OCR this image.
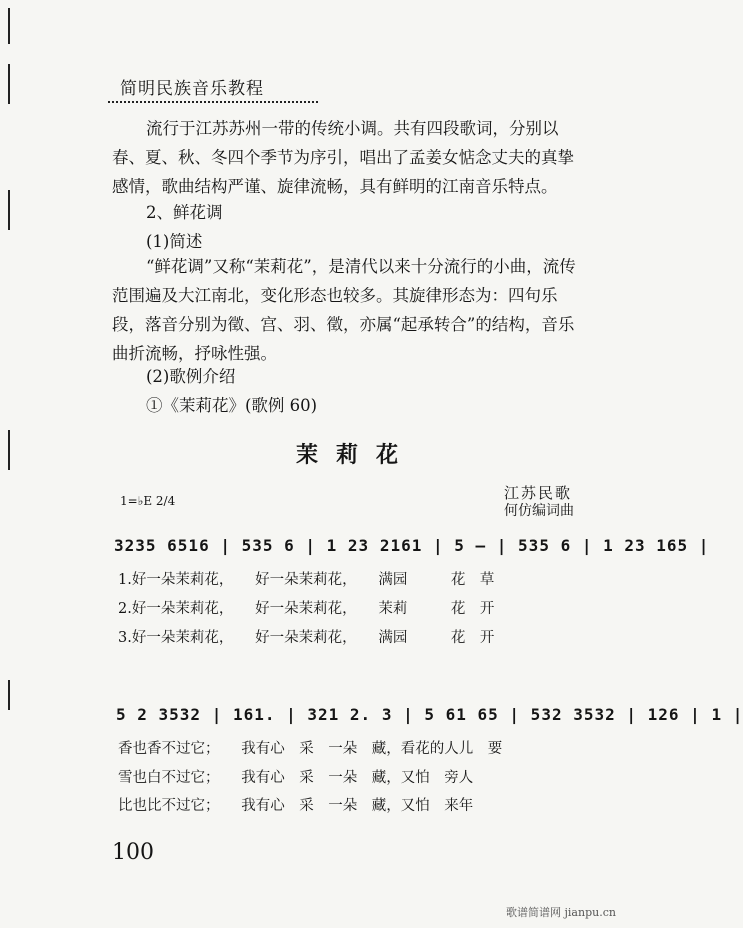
简明民族音乐教程
流行于江苏苏州一带的传统小调。共有四段歌词，分别以春、夏、秋、冬四个季节为序引，唱出了孟姜女惦念丈夫的真挚感情，歌曲结构严谨、旋律流畅，具有鲜明的江南音乐特点。
2、鲜花调
(1)简述
“鲜花调”又称“茉莉花”，是清代以来十分流行的小曲，流传范围遍及大江南北，变化形态也较多。其旋律形态为：四句乐段，落音分别为徵、宫、羽、徵，亦属“起承转合”的结构，音乐曲折流畅，抒咏性强。
(2)歌例介绍
①《茉莉花》(歌例 60)
茉莉花
江苏民歌
何仿编词曲
1=♭E 2/4
3235 6516 | 535 6 | 1 23 2161 | 5 – | 535 6 | 1 23 165 |
1.好一朵茉莉花，　　好一朵茉莉花，　　满园　　　花　草
2.好一朵茉莉花，　　好一朵茉莉花，　　茉莉　　　花　开
3.好一朵茉莉花，　　好一朵茉莉花，　　满园　　　花　开
5 2 3532 | 161. | 321 2. 3 | 5 61 65 | 532 3532 | 126 | 1 |
香也香不过它；　　我有心　采　一朵　藏，看花的人儿　要
雪也白不过它；　　我有心　采　一朵　藏，又怕　旁人
比也比不过它；　　我有心　采　一朵　藏，又怕　来年
100
歌谱简谱网 jianpu.cn
